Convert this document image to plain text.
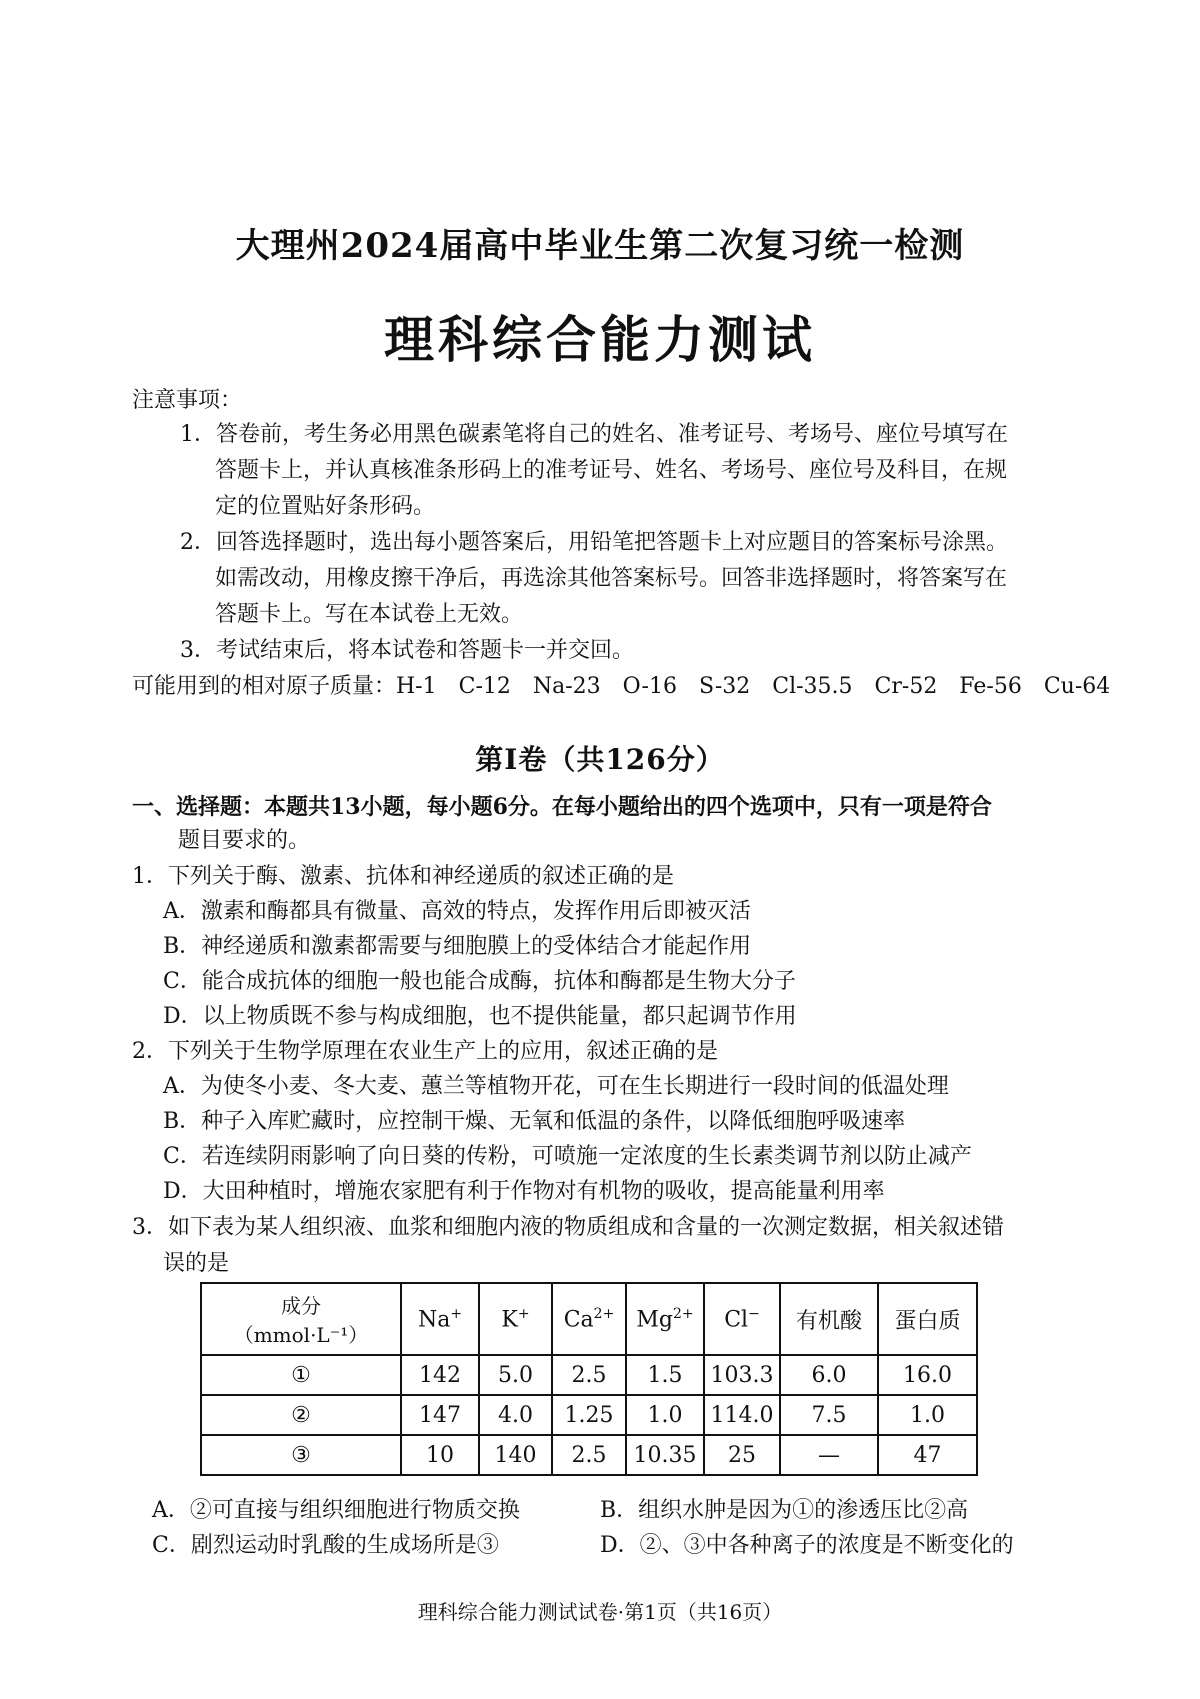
大理州2024届高中毕业生第二次复习统一检测
理科综合能力测试
注意事项：
1．答卷前，考生务必用黑色碳素笔将自己的姓名、准考证号、考场号、座位号填写在
答题卡上，并认真核准条形码上的准考证号、姓名、考场号、座位号及科目，在规
定的位置贴好条形码。
2．回答选择题时，选出每小题答案后，用铅笔把答题卡上对应题目的答案标号涂黑。
如需改动，用橡皮擦干净后，再选涂其他答案标号。回答非选择题时，将答案写在
答题卡上。写在本试卷上无效。
3．考试结束后，将本试卷和答题卡一并交回。
可能用到的相对原子质量：H-1　C-12　Na-23　O-16　S-32　Cl-35.5　Cr-52　Fe-56　Cu-64
第Ⅰ卷（共126分）
一、选择题：本题共13小题，每小题6分。在每小题给出的四个选项中，只有一项是符合
题目要求的。
1．下列关于酶、激素、抗体和神经递质的叙述正确的是
A．激素和酶都具有微量、高效的特点，发挥作用后即被灭活
B．神经递质和激素都需要与细胞膜上的受体结合才能起作用
C．能合成抗体的细胞一般也能合成酶，抗体和酶都是生物大分子
D．以上物质既不参与构成细胞，也不提供能量，都只起调节作用
2．下列关于生物学原理在农业生产上的应用，叙述正确的是
A．为使冬小麦、冬大麦、蕙兰等植物开花，可在生长期进行一段时间的低温处理
B．种子入库贮藏时，应控制干燥、无氧和低温的条件，以降低细胞呼吸速率
C．若连续阴雨影响了向日葵的传粉，可喷施一定浓度的生长素类调节剂以防止减产
D．大田种植时，增施农家肥有利于作物对有机物的吸收，提高能量利用率
3．如下表为某人组织液、血浆和细胞内液的物质组成和含量的一次测定数据，相关叙述错
误的是
成分
（mmol·L⁻¹）	Na+	K+	$Ca^{2+}$	$Mg^{2+}$	Cl−	有机酸	蛋白质
①	142	5.0	2.5	1.5	103.3	6.0	16.0
②	147	4.0	1.25	1.0	114.0	7.5	1.0
③	10	140	2.5	10.35	25	—	47
A．②可直接与组织细胞进行物质交换	B．组织水肿是因为①的渗透压比②高
C．剧烈运动时乳酸的生成场所是③	D．②、③中各种离子的浓度是不断变化的
理科综合能力测试试卷·第1页（共16页）
